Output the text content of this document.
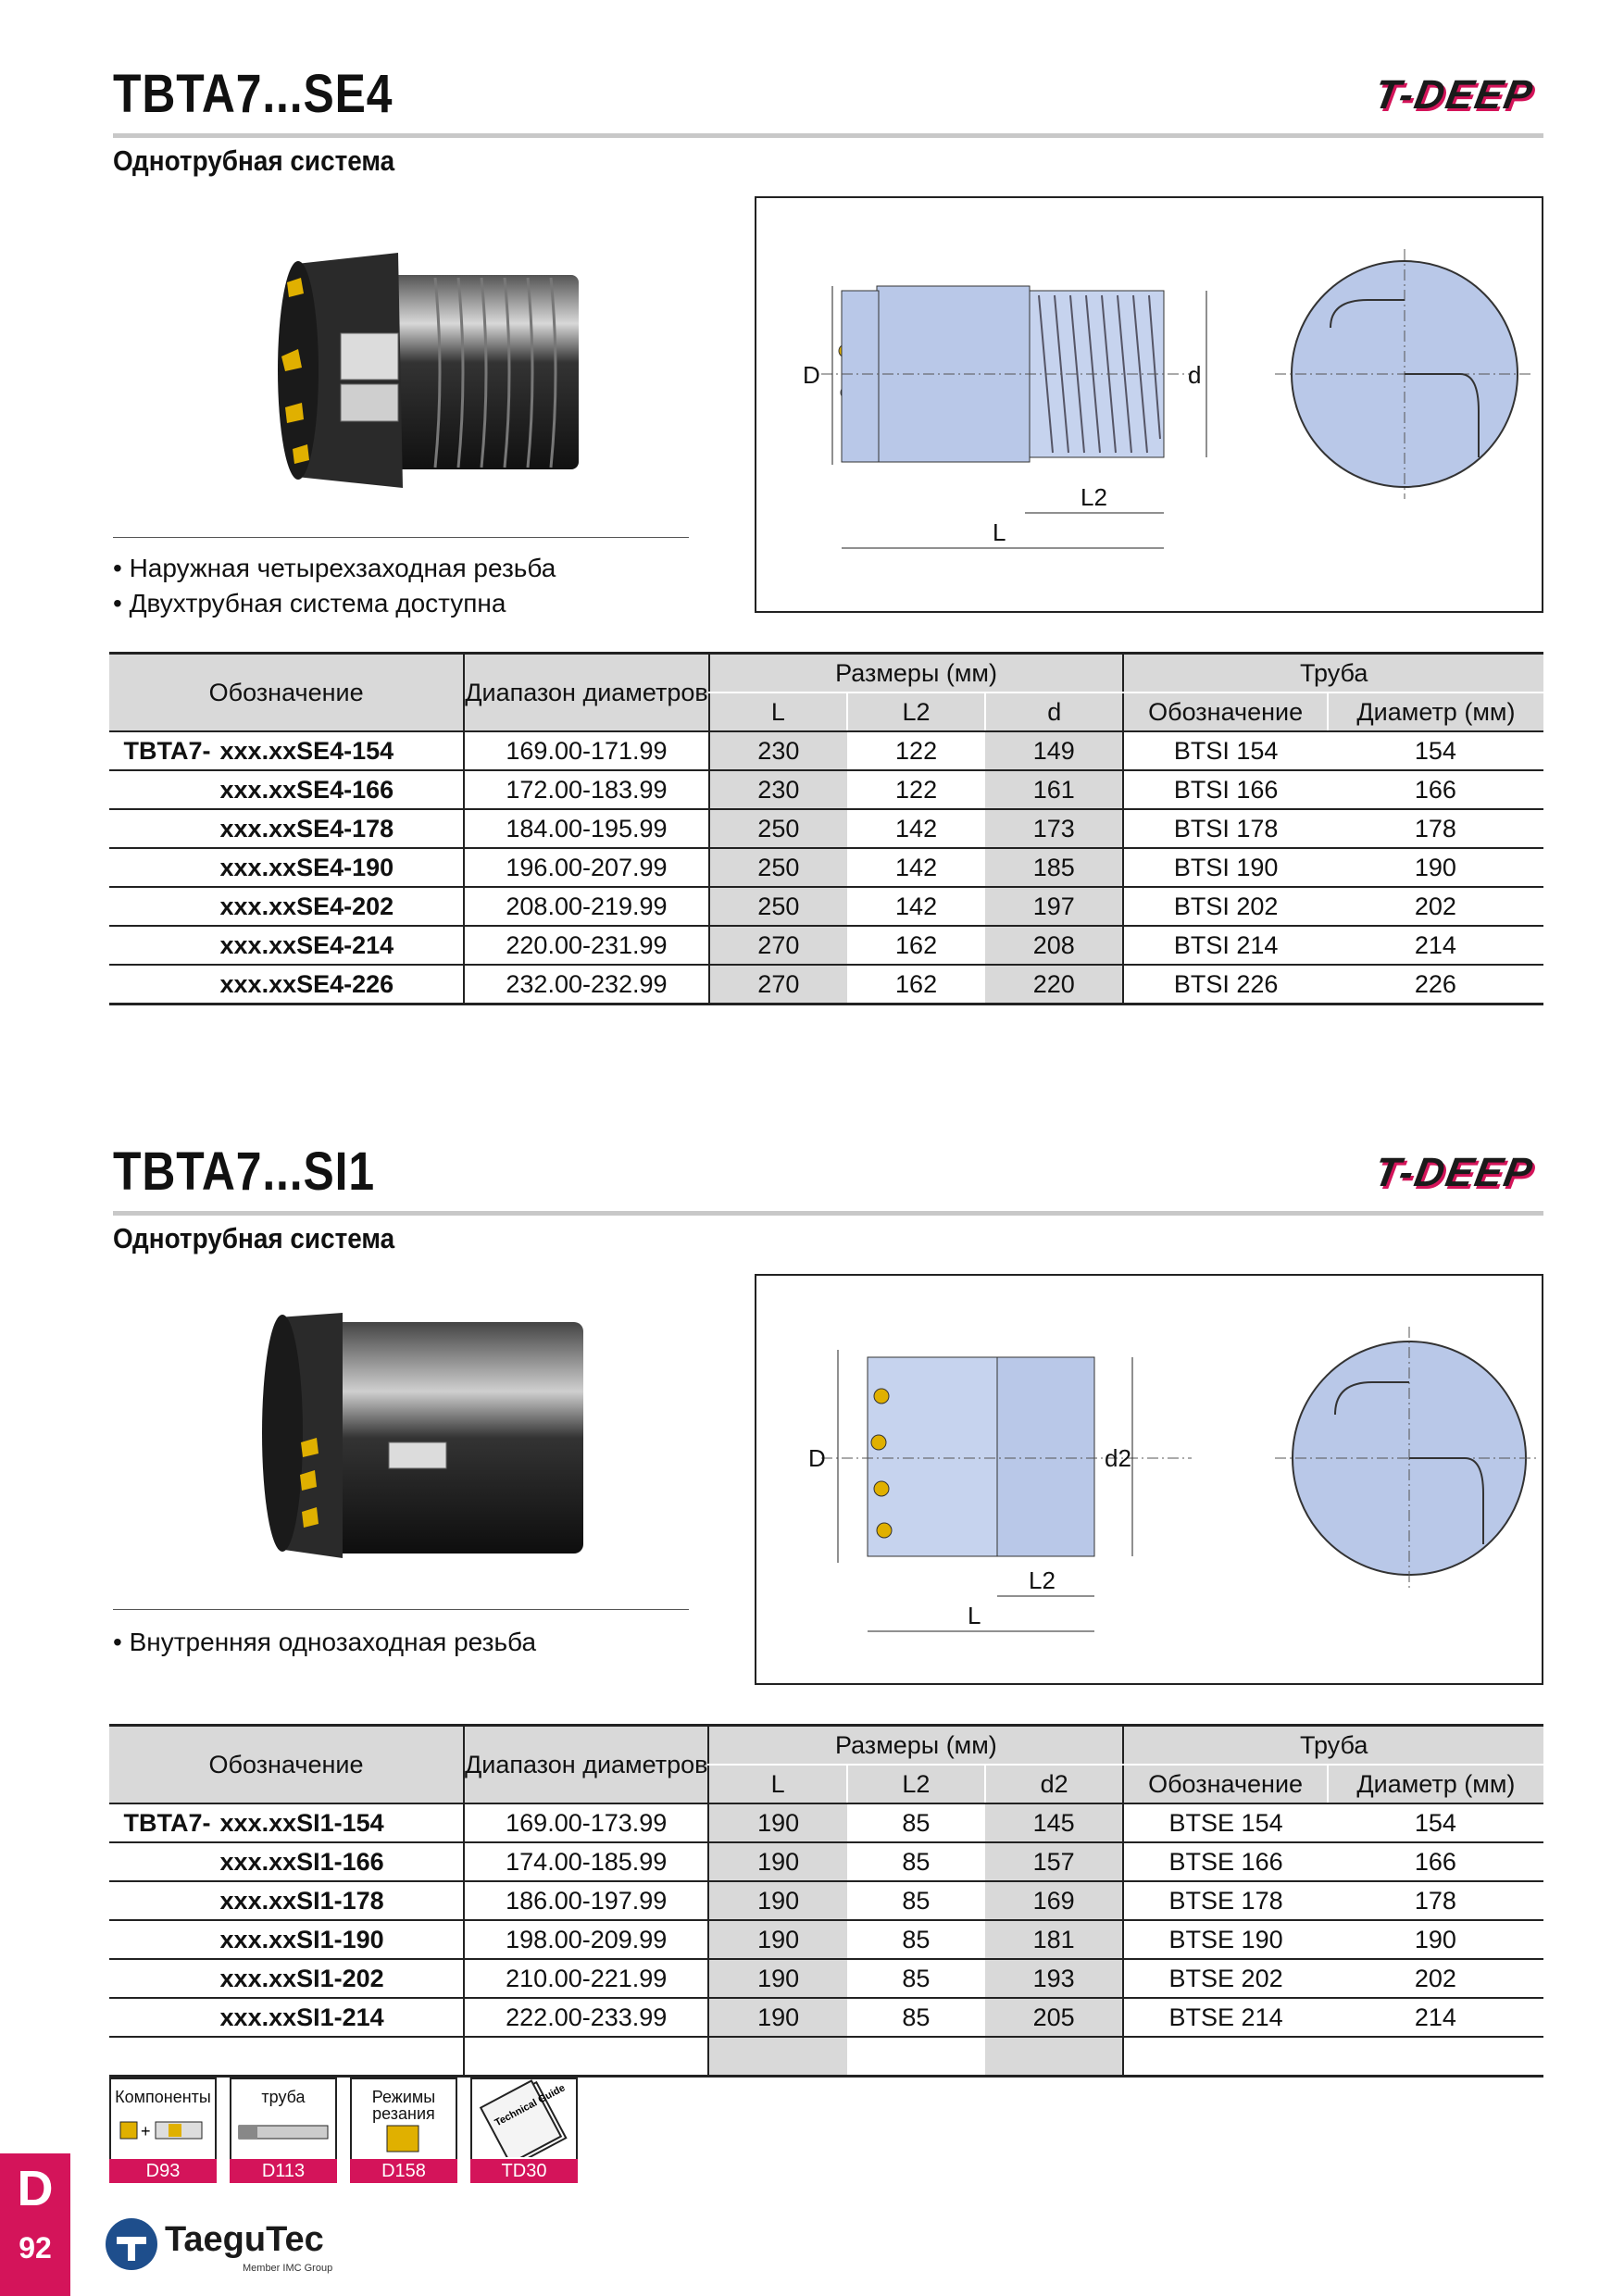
TBTA7...SE4	T-DEEP
Однотрубная система
• Наружная четырехзаходная резьба
• Двухтрубная система доступна
D	d
L2
L
Обозначение		Диапазон диаметров	Размеры (мм)			Труба	
			L	L2	d	Обозначение	Диаметр (мм)
TBTA7-	xxx.xxSE4-154	169.00-171.99	230	122	149	BTSI 154	154
	xxx.xxSE4-166	172.00-183.99	230	122	161	BTSI 166	166
	xxx.xxSE4-178	184.00-195.99	250	142	173	BTSI 178	178
	xxx.xxSE4-190	196.00-207.99	250	142	185	BTSI 190	190
	xxx.xxSE4-202	208.00-219.99	250	142	197	BTSI 202	202
	xxx.xxSE4-214	220.00-231.99	270	162	208	BTSI 214	214
	xxx.xxSE4-226	232.00-232.99	270	162	220	BTSI 226	226
TBTA7...SI1	T-DEEP
Однотрубная система
• Внутренняя однозаходная резьба
D	d2
L2
L
Обозначение		Диапазон диаметров	Размеры (мм)			Труба	
			L	L2	d2	Обозначение	Диаметр (мм)
TBTA7-	xxx.xxSI1-154	169.00-173.99	190	85	145	BTSE 154	154
	xxx.xxSI1-166	174.00-185.99	190	85	157	BTSE 166	166
	xxx.xxSI1-178	186.00-197.99	190	85	169	BTSE 178	178
	xxx.xxSI1-190	198.00-209.99	190	85	181	BTSE 190	190
	xxx.xxSI1-202	210.00-221.99	190	85	193	BTSE 202	202
	xxx.xxSI1-214	222.00-233.99	190	85	205	BTSE 214	214

Компоненты
+
D93
труба
D113
Режимы резания
D158
Technical Guide
TD30
D
92	TaeguTec
Member IMC Group
